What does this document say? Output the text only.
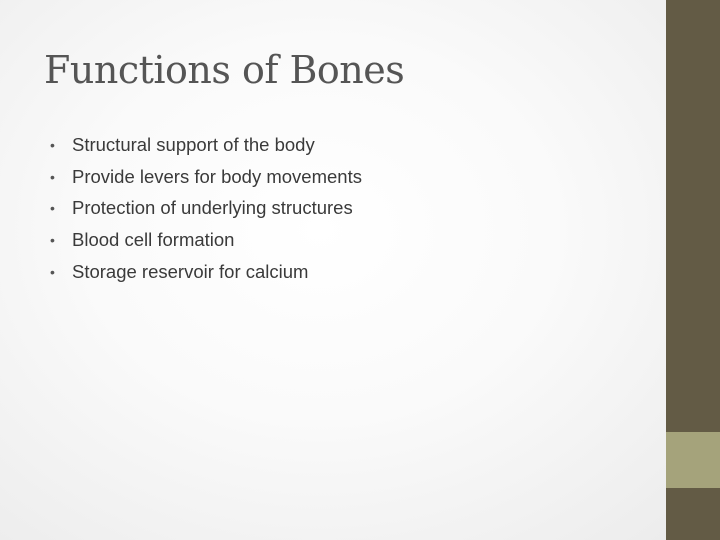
Functions of Bones
• Structural support of the body
• Provide levers for body movements
• Protection of underlying structures
• Blood cell formation
• Storage reservoir for calcium
